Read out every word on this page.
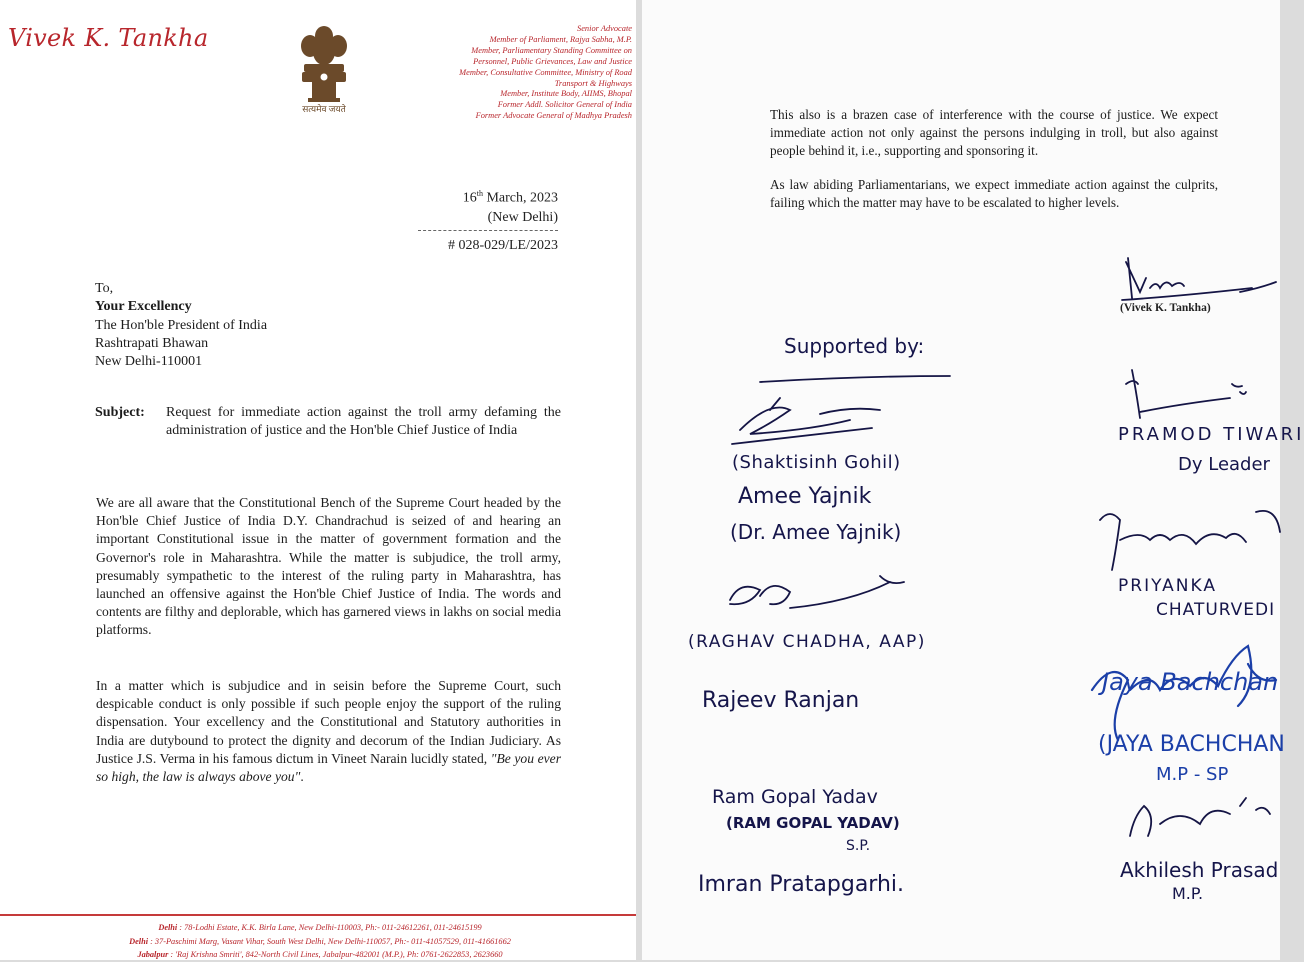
Vivek K. Tankha
सत्यमेव जयते
Senior Advocate
Member of Parliament, Rajya Sabha, M.P.
Member, Parliamentary Standing Committee on
Personnel, Public Grievances, Law and Justice
Member, Consultative Committee, Ministry of Road
Transport & Highways
Member, Institute Body, AIIMS, Bhopal
Former Addl. Solicitor General of India
Former Advocate General of Madhya Pradesh
16th March, 2023
(New Delhi)
# 028-029/LE/2023
To,
Your Excellency
The Hon'ble President of India
Rashtrapati Bhawan
New Delhi-110001
Subject: Request for immediate action against the troll army defaming the administration of justice and the Hon'ble Chief Justice of India

We are all aware that the Constitutional Bench of the Supreme Court headed by the Hon'ble Chief Justice of India D.Y. Chandrachud is seized of and hearing an important Constitutional issue in the matter of government formation and the Governor's role in Maharashtra. While the matter is subjudice, the troll army, presumably sympathetic to the interest of the ruling party in Maharashtra, has launched an offensive against the Hon'ble Chief Justice of India. The words and contents are filthy and deplorable, which has garnered views in lakhs on social media platforms.

In a matter which is subjudice and in seisin before the Supreme Court, such despicable conduct is only possible if such people enjoy the support of the ruling dispensation. Your excellency and the Constitutional and Statutory authorities in India are dutybound to protect the dignity and decorum of the Indian Judiciary. As Justice J.S. Verma in his famous dictum in Vineet Narain lucidly stated, "Be you ever so high, the law is always above you".

Delhi : 78-Lodhi Estate, K.K. Birla Lane, New Delhi-110003, Ph:- 011-24612261, 011-24615199
Delhi : 37-Paschimi Marg, Vasant Vihar, South West Delhi, New Delhi-110057, Ph:- 011-41057529, 011-41661662
Jabalpur : 'Raj Krishna Smriti', 842-North Civil Lines, Jabalpur-482001 (M.P.), Ph: 0761-2622853, 2623660

This also is a brazen case of interference with the course of justice. We expect immediate action not only against the persons indulging in troll, but also against people behind it, i.e., supporting and sponsoring it.

As law abiding Parliamentarians, we expect immediate action against the culprits, failing which the matter may have to be escalated to higher levels.

(Vivek K. Tankha)
Supported by:
(Shaktisinh Gohil)
Amee Yajnik
(Dr. Amee Yajnik)
(RAGHAV CHADHA, AAP)
Rajeev Ranjan
Ram Gopal Yadav
(RAM GOPAL YADAV)
S.P.
Imran Pratapgarhi.
PRAMOD TIWARI
Dy Leader
PRIYANKA
CHATURVEDI
Jaya Bachchan
(JAYA BACHCHAN
M.P - SP
Akhilesh Prasad
M.P.
